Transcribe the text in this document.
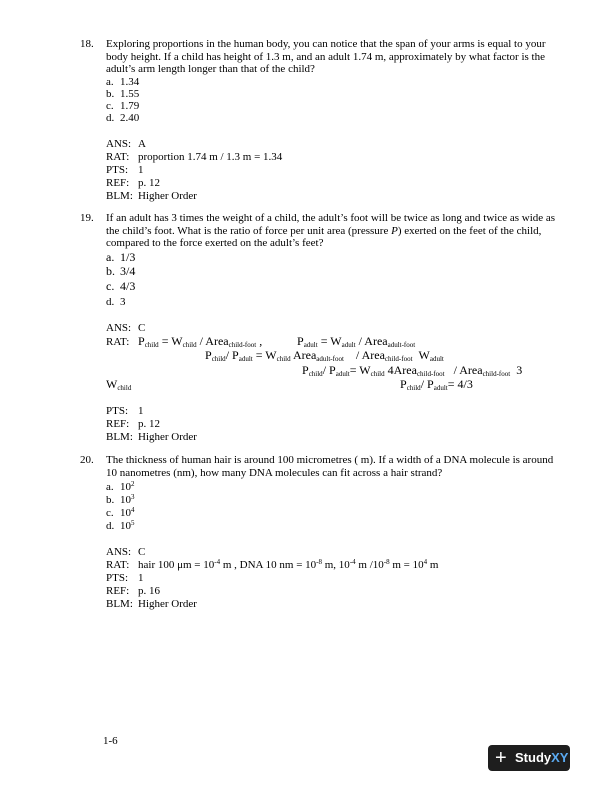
18. Exploring proportions in the human body, you can notice that the span of your arms is equal to your body height. If a child has height of 1.3 m, and an adult 1.74 m, approximately by what factor is the adult’s arm length longer than that of the child?
a. 1.34
b. 1.55
c. 1.79
d. 2.40
ANS: A
RAT: proportion 1.74 m / 1.3 m = 1.34
PTS: 1
REF: p. 12
BLM: Higher Order
19. If an adult has 3 times the weight of a child, the adult’s foot will be twice as long and twice as wide as the child’s foot. What is the ratio of force per unit area (pressure P) exerted on the feet of the child, compared to the force exerted on the adult’s feet?
a. 1/3
b. 3/4
c. 4/3
d. 3
ANS: C
RAT: $P_{child} = W_{child}$ / Area$_{child-foot}$ ,	$P_{adult} = W_{adult}$ / Area$_{adult-foot}$
$P_{child}/$ $P_{adult} = W_{child}$ Area$_{adult-foot}$ / Area$_{child-foot}$ $W_{adult}$
$P_{child}/$ $P_{adult}= W_{child}$ 4Area$_{child-foot}$ / Area$_{child-foot}$ 3
$W_{child}$	$P_{child}/$ $P_{adult}= 4/3$
PTS: 1
REF: p. 12
BLM: Higher Order
20. The thickness of human hair is around 100 micrometres ( m). If a width of a DNA molecule is around 10 nanometres (nm), how many DNA molecules can fit across a hair strand?
a. $10^2$
b. $10^3$
c. $10^4$
d. $10^5$
ANS: C
RAT: hair 100 $\mu m = 10^{-4}$ m , DNA 10 nm = $10^{-8}$ m, $10^{-4}$ m $/10^{-8}$ $m = 10^4$ m
PTS: 1
REF: p. 16
BLM: Higher Order
1-6
+ StudyXY
